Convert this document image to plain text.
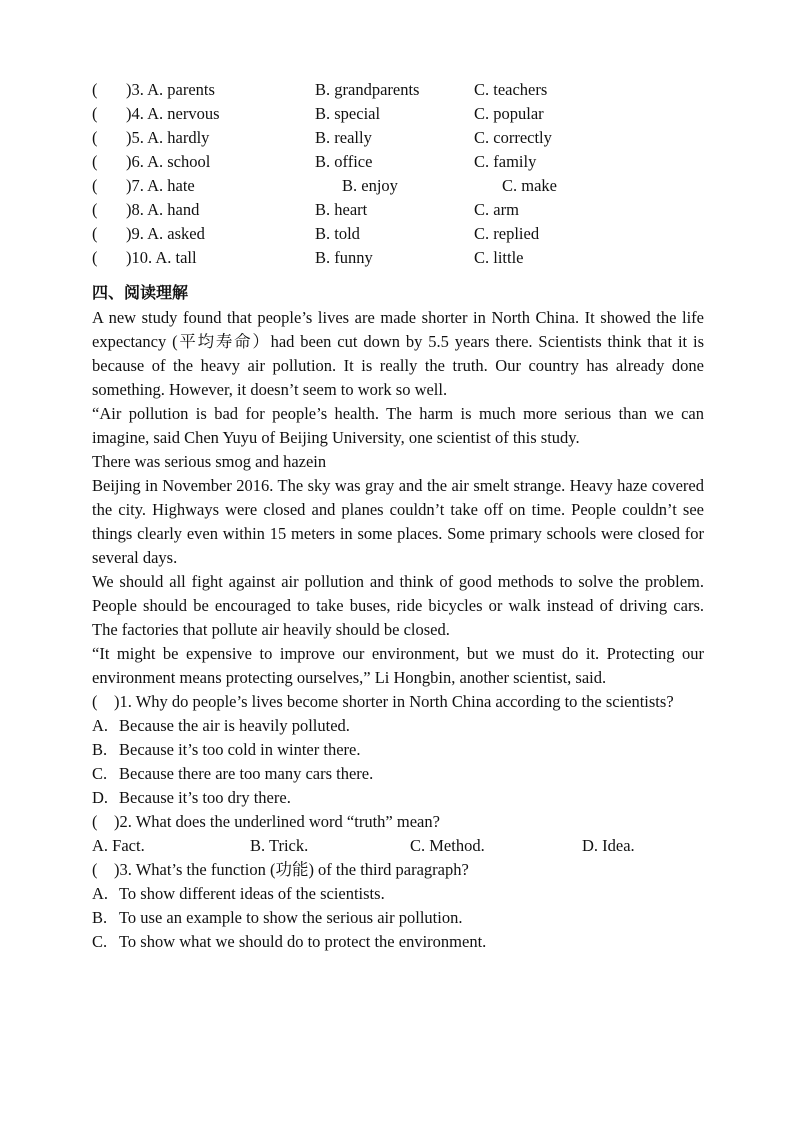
( )3. A. parents	B. grandparents	C. teachers
( )4. A. nervous	B. special	C. popular
( )5. A. hardly	B. really	C. correctly
( )6. A. school	B. office	C. family
( )7. A. hate	B. enjoy	C. make
( )8. A. hand	B. heart	C. arm
( )9. A. asked	B. told	C. replied
( )10. A. tall	B. funny	C. little
四、阅读理解

A new study found that people’s lives are made shorter in North China. It showed the life expectancy (平均寿命）had been cut down by 5.5 years there. Scientists think that it is because of the heavy air pollution. It is really the truth. Our country has already done something. However, it doesn’t seem to work so well.

“Air pollution is bad for people’s health. The harm is much more serious than we can imagine, said Chen Yuyu of Beijing University, one scientist of this study.

There was serious smog and hazein

Beijing in November 2016. The sky was gray and the air smelt strange. Heavy haze covered the city. Highways were closed and planes couldn’t take off on time. People couldn’t see things clearly even within 15 meters in some places. Some primary schools were closed for several days.

We should all fight against air pollution and think of good methods to solve the problem. People should be encouraged to take buses, ride bicycles or walk instead of driving cars. The factories that pollute air heavily should be closed.

“It might be expensive to improve our environment, but we must do it. Protecting our environment means protecting ourselves,” Li Hongbin, another scientist, said.

(　)1. Why do people’s lives become shorter in North China according to the scientists?

A. Because the air is heavily polluted.
B. Because it’s too cold in winter there.
C. Because there are too many cars there.
D. Because it’s too dry there.
(　)2. What does the underlined word “truth” mean?
A. Fact.	B. Trick.	C. Method.	D. Idea.
(　)3. What’s the function (功能) of the third paragraph?
A. To show different ideas of the scientists.
B. To use an example to show the serious air pollution.
C. To show what we should do to protect the environment.
